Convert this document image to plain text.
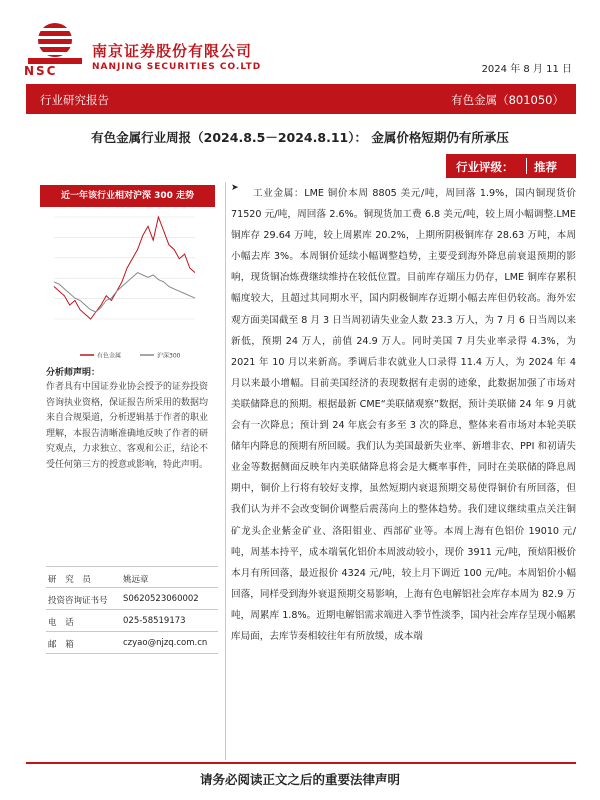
NSC
南京证券股份有限公司
NANJING SECURITIES CO.LTD	2024 年 8 月 11 日
行业研究报告	有色金属（801050）
有色金属行业周报（2024.8.5－2024.8.11）： 金属价格短期仍有所承压
行业评级： 推荐
近一年该行业相对沪深 300 走势
有色金属	沪深300
分析师声明：
作者具有中国证券业协会授予的证券投资咨询执业资格，保证报告所采用的数据均来自合规渠道，分析逻辑基于作者的职业理解，本报告清晰准确地反映了作者的研究观点，力求独立、客观和公正，结论不受任何第三方的授意或影响，特此声明。
研 究 员	姚远章
投资咨询证书号 S0620523060002
电 话	025-58519173
邮 箱	czyao@njzq.com.cn
➤	工业金属：LME 铜价本周 8805 美元/吨，周回落 1.9%，国内铜现货价 71520 元/吨，周回落 2.6%。铜现货加工费 6.8 美元/吨，较上周小幅调整.LME 铜库存 29.64 万吨，较上周累库 20.2%，上期所阴极铜库存 28.63 万吨，本周小幅去库 3%。本周铜价延续小幅调整趋势，主要受到海外降息前衰退预期的影响，现货铜冶炼费继续维持在较低位置。目前库存端压力仍存，LME 铜库存累积幅度较大，且超过其同期水平，国内阴极铜库存近期小幅去库但仍较高。海外宏观方面美国截至 8 月 3 日当周初请失业金人数 23.3 万人，为 7 月 6 日当周以来新低，预期 24 万人，前值 24.9 万人。同时美国 7 月失业率录得 4.3%，为 2021 年 10 月以来新高。季调后非农就业人口录得 11.4 万人，为 2024 年 4 月以来最小增幅。目前美国经济的表现数据有走弱的迹象，此数据加强了市场对美联储降息的预期。根据最新 CME“美联储观察”数据，预计美联储 24 年 9 月就会有一次降息；预计到 24 年底会有多至 3 次的降息，整体来看市场对本轮美联储年内降息的预期有所回暖。我们认为美国最新失业率、新增非农、PPI 和初请失业金等数据侧面反映年内美联储降息将会是大概率事件，同时在美联储的降息周期中，铜价上行将有较好支撑，虽然短期内衰退预期交易使得铜价有所回落，但我们认为并不会改变铜价调整后震荡向上的整体趋势。我们建议继续重点关注铜矿龙头企业紫金矿业、洛阳钼业、西部矿业等。本周上海有色铝价 19010 元/吨，周基本持平，成本端氧化铝价本周波动较小，现价 3911 元/吨，预焙阳极价本月有所回落，最近报价 4324 元/吨，较上月下调近 100 元/吨。本周铝价小幅回落，同样受到海外衰退预期交易影响，上海有色电解铝社会库存本周为 82.9 万吨，周累库 1.8%。近期电解铝需求端进入季节性淡季，国内社会库存呈现小幅累库局面，去库节奏相较往年有所放缓，成本端

请务必阅读正文之后的重要法律声明
